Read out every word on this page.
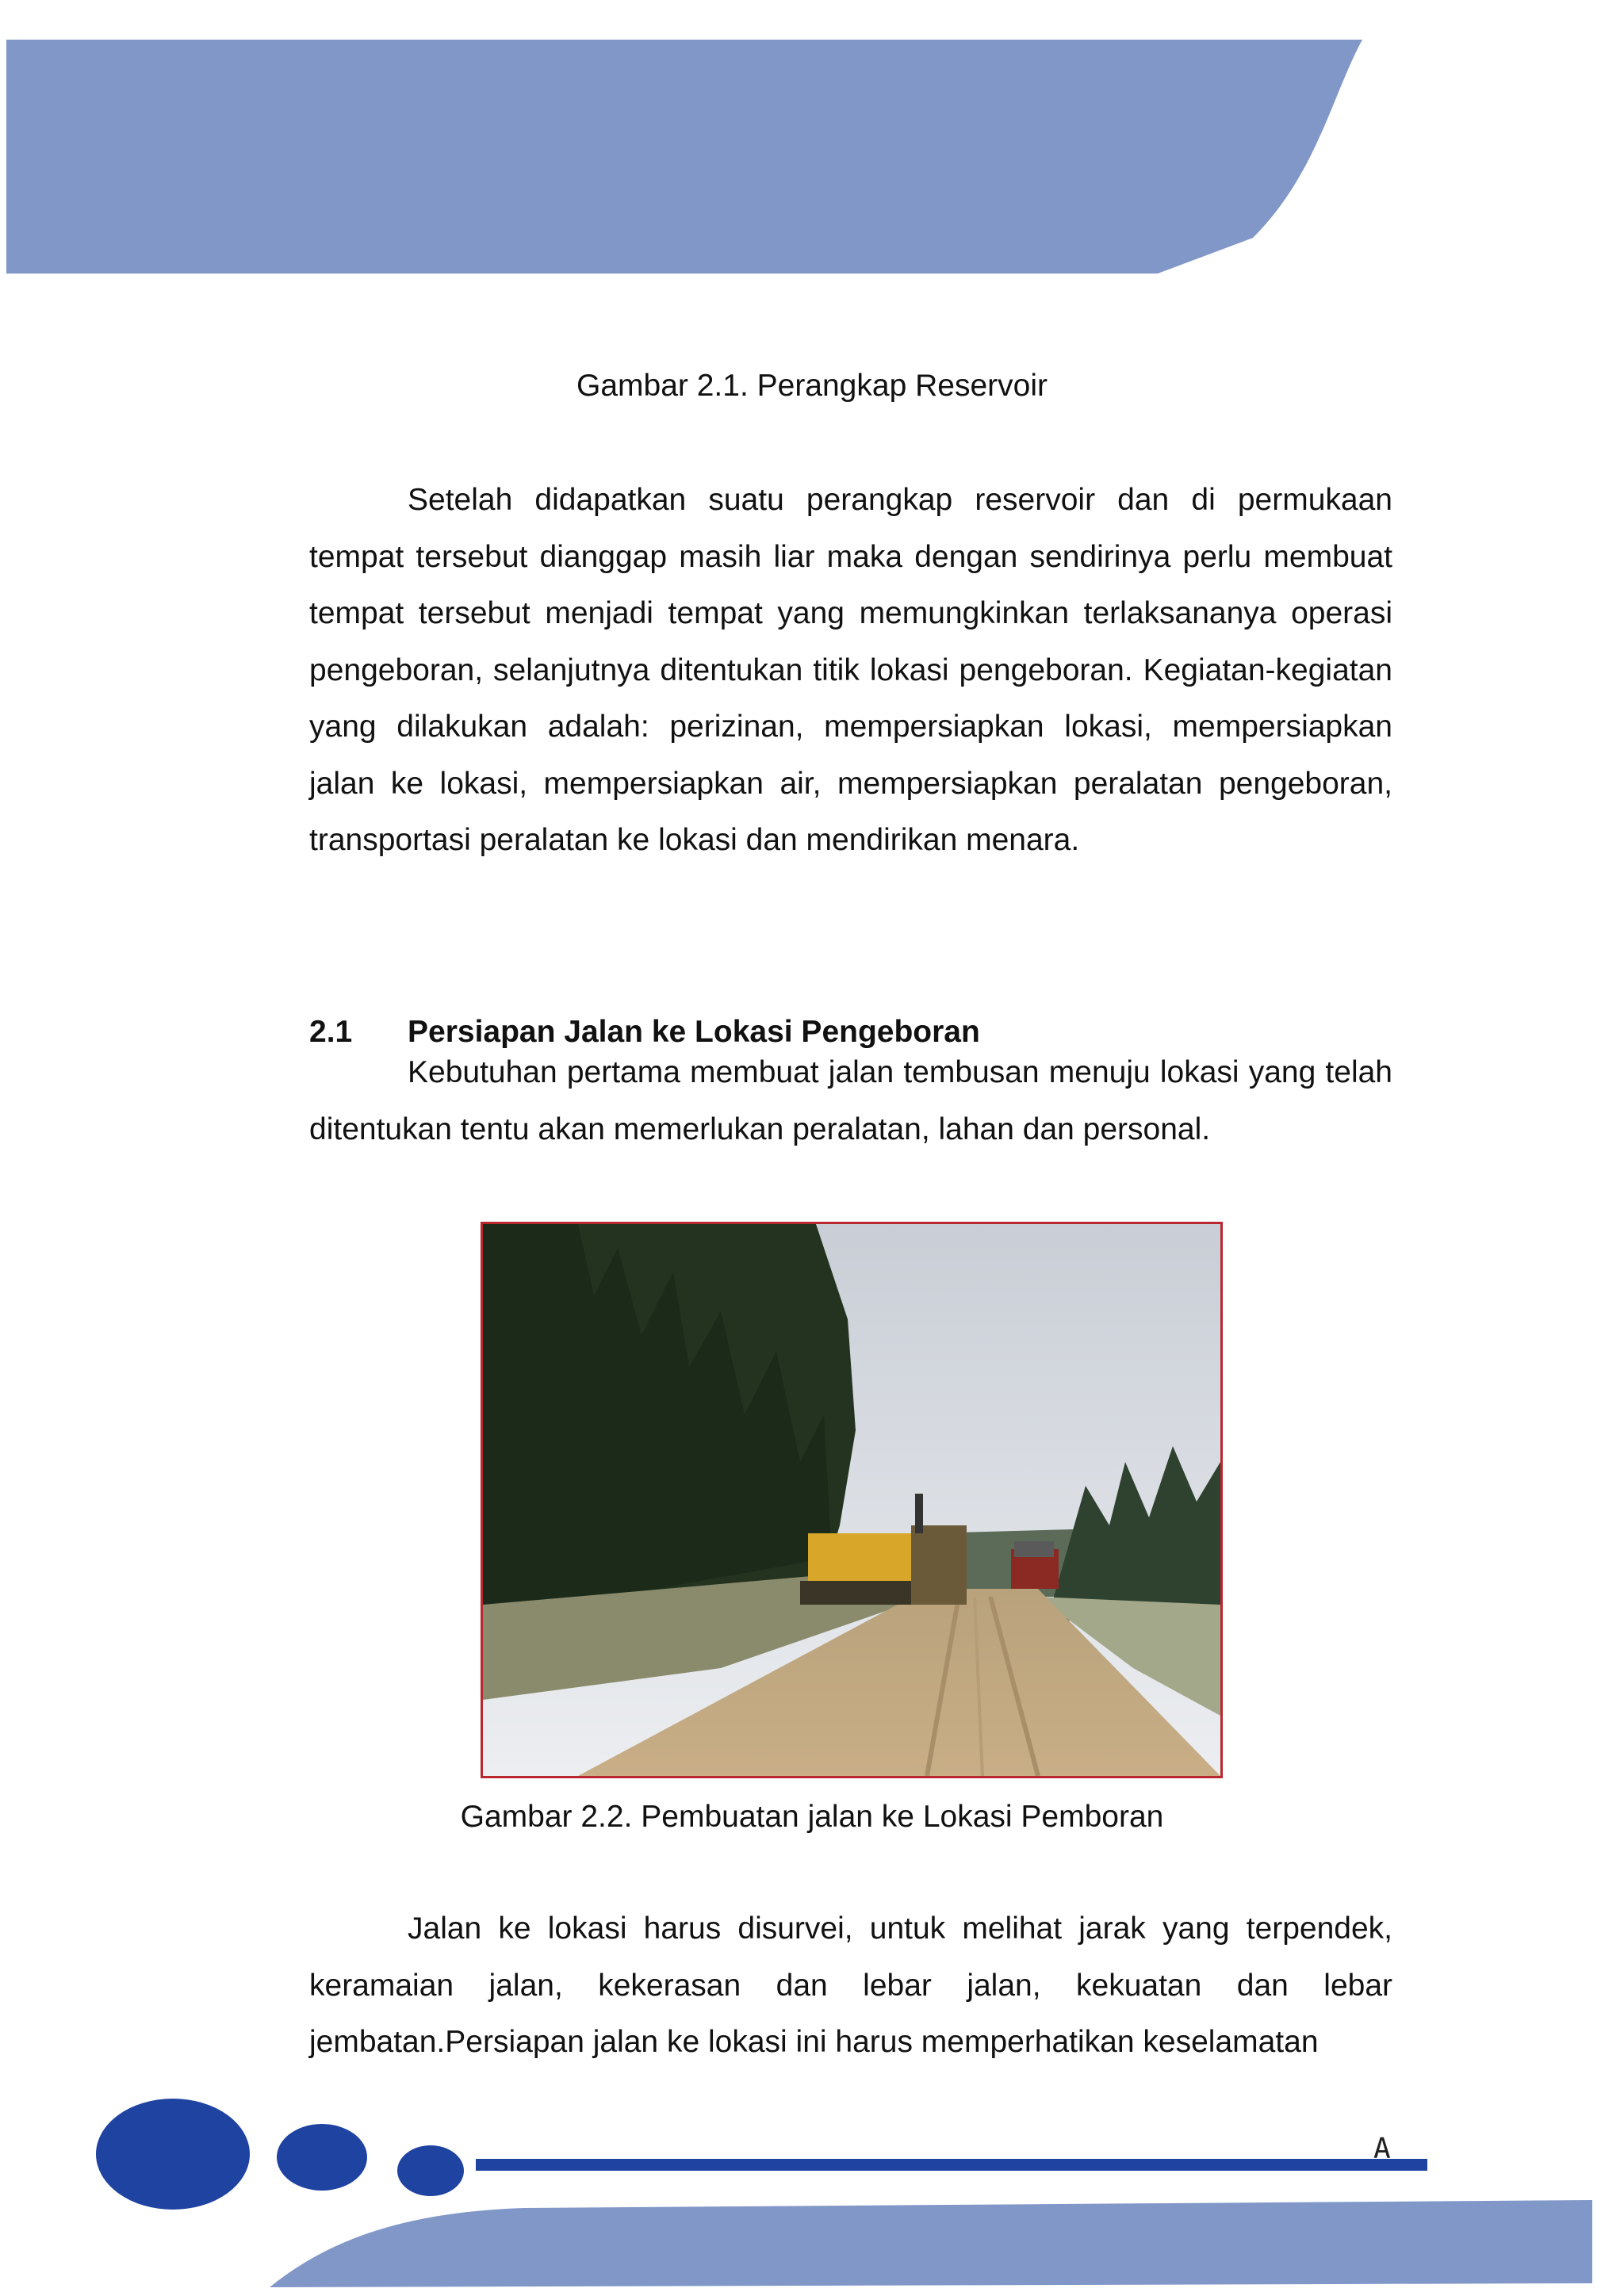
Gambar 2.1. Perangkap Reservoir

Setelah didapatkan suatu perangkap reservoir dan di permukaan tempat tersebut dianggap masih liar maka dengan sendirinya perlu membuat tempat tersebut menjadi tempat yang memungkinkan terlaksananya operasi pengeboran, selanjutnya ditentukan titik lokasi pengeboran. Kegiatan-kegiatan yang dilakukan adalah: perizinan, mempersiapkan lokasi, mempersiapkan jalan ke lokasi, mempersiapkan air, mempersiapkan peralatan pengeboran, transportasi peralatan ke lokasi dan mendirikan menara.

2.1 Persiapan Jalan ke Lokasi Pengeboran

Kebutuhan pertama membuat jalan tembusan menuju lokasi yang telah ditentukan tentu akan memerlukan peralatan, lahan dan personal.

Gambar 2.2. Pembuatan jalan ke Lokasi Pemboran

Jalan ke lokasi harus disurvei, untuk melihat jarak yang terpendek, keramaian jalan, kekerasan dan lebar jalan, kekuatan dan lebar jembatan.Persiapan jalan ke lokasi ini harus memperhatikan keselamatan

A
